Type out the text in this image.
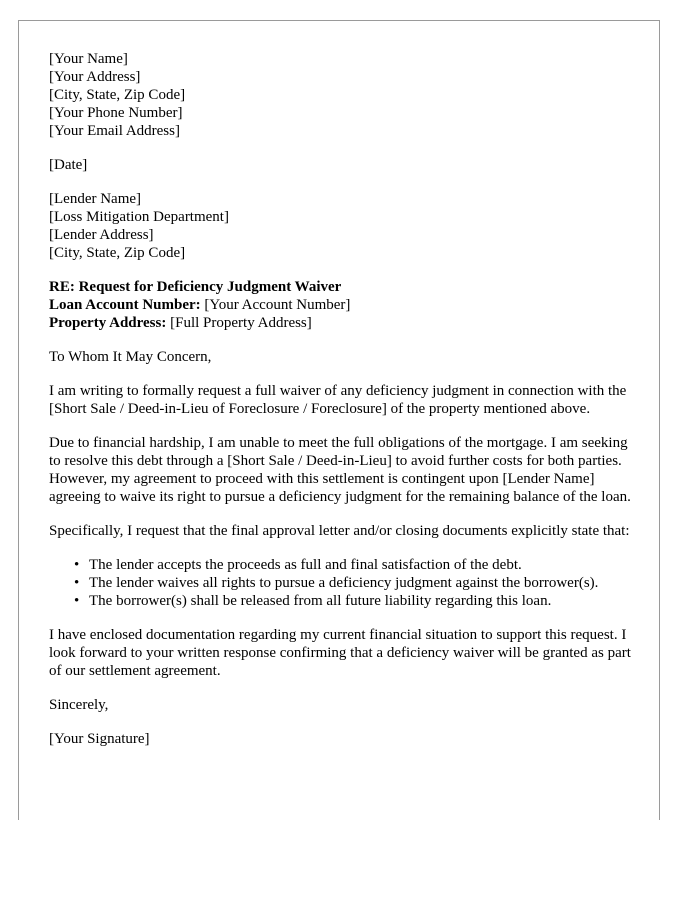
[Your Name]
[Your Address]
[City, State, Zip Code]
[Your Phone Number]
[Your Email Address]
[Date]
[Lender Name]
[Loss Mitigation Department]
[Lender Address]
[City, State, Zip Code]
RE: Request for Deficiency Judgment Waiver
Loan Account Number: [Your Account Number]
Property Address: [Full Property Address]

To Whom It May Concern,

I am writing to formally request a full waiver of any deficiency judgment in connection with the [Short Sale / Deed-in-Lieu of Foreclosure / Foreclosure] of the property mentioned above.

Due to financial hardship, I am unable to meet the full obligations of the mortgage. I am seeking to resolve this debt through a [Short Sale / Deed-in-Lieu] to avoid further costs for both parties. However, my agreement to proceed with this settlement is contingent upon [Lender Name] agreeing to waive its right to pursue a deficiency judgment for the remaining balance of the loan.

Specifically, I request that the final approval letter and/or closing documents explicitly state that:

• The lender accepts the proceeds as full and final satisfaction of the debt.
• The lender waives all rights to pursue a deficiency judgment against the borrower(s).
• The borrower(s) shall be released from all future liability regarding this loan.

I have enclosed documentation regarding my current financial situation to support this request. I look forward to your written response confirming that a deficiency waiver will be granted as part of our settlement agreement.

Sincerely,

[Your Signature]
